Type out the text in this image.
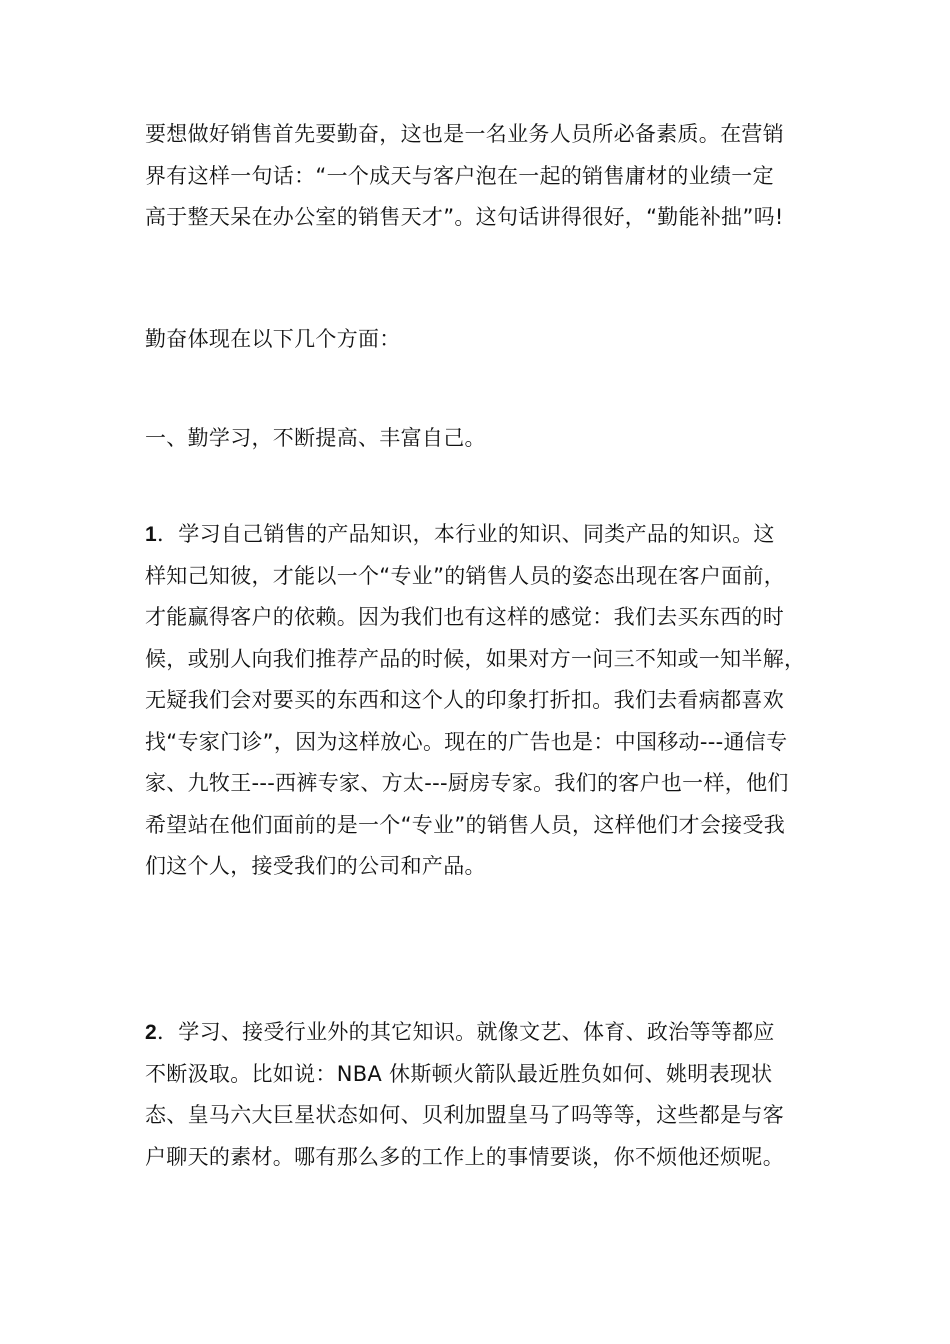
要想做好销售首先要勤奋，这也是一名业务人员所必备素质。在营销
界有这样一句话：“一个成天与客户泡在一起的销售庸材的业绩一定
高于整天呆在办公室的销售天才”。这句话讲得很好，“勤能补拙”吗!

勤奋体现在以下几个方面：

一、勤学习，不断提高、丰富自己。

1．学习自己销售的产品知识，本行业的知识、同类产品的知识。这
样知己知彼，才能以一个“专业”的销售人员的姿态出现在客户面前，
才能赢得客户的依赖。因为我们也有这样的感觉：我们去买东西的时
候，或别人向我们推荐产品的时候，如果对方一问三不知或一知半解，
无疑我们会对要买的东西和这个人的印象打折扣。我们去看病都喜欢
找“专家门诊”，因为这样放心。现在的广告也是：中国移动---通信专
家、九牧王---西裤专家、方太---厨房专家。我们的客户也一样，他们
希望站在他们面前的是一个“专业”的销售人员，这样他们才会接受我
们这个人，接受我们的公司和产品。

2．学习、接受行业外的其它知识。就像文艺、体育、政治等等都应
不断汲取。比如说：NBA 休斯顿火箭队最近胜负如何、姚明表现状
态、皇马六大巨星状态如何、贝利加盟皇马了吗等等，这些都是与客
户聊天的素材。哪有那么多的工作上的事情要谈，你不烦他还烦呢。
